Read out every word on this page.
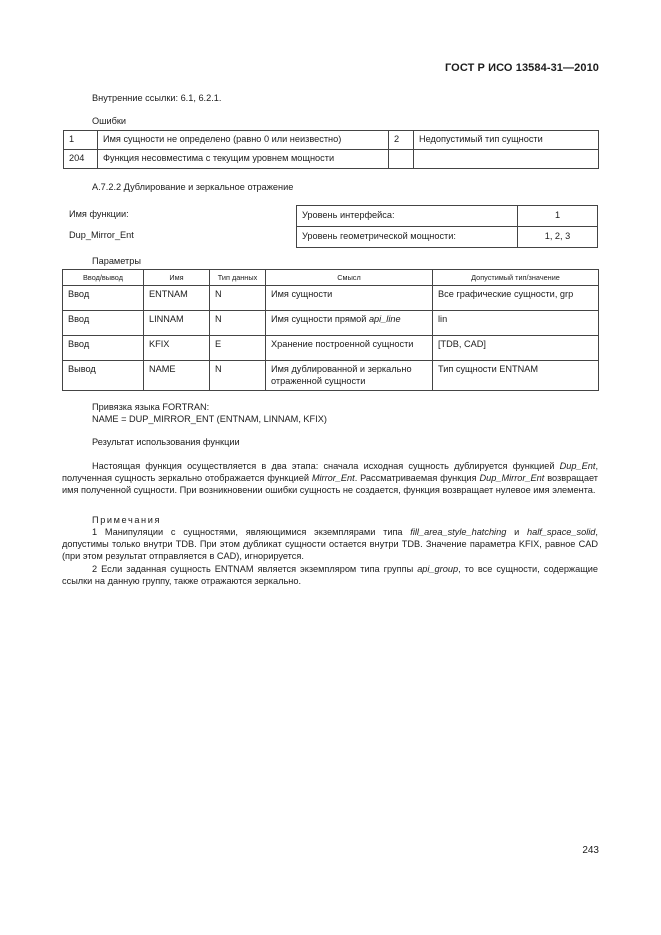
ГОСТ Р ИСО 13584-31—2010
Внутренние ссылки: 6.1, 6.2.1.
Ошибки
1	Имя сущности не определено (равно 0 или неизвестно)	2	Недопустимый тип сущности
204	Функция несовместима с текущим уровнем мощности		
А.7.2.2 Дублирование и зеркальное отражение
Имя функции:
Dup_Mirror_Ent
Уровень интерфейса:	1
Уровень геометрической мощности:	1, 2, 3
Параметры
Ввод/вывод	Имя	Тип данных	Смысл	Допустимый тип/значение
Ввод	ENTNAM	N	Имя сущности	Все графические сущности, grp
Ввод	LINNAM	N	Имя сущности прямой api_line	lin
Ввод	KFIX	E	Хранение построенной сущности	[TDB, CAD]
Вывод	NAME	N	Имя дублированной и зеркально отраженной сущности	Тип сущности ENTNAM
Привязка языка FORTRAN:
NAME = DUP_MIRROR_ENT (ENTNAM, LINNAM, KFIX)
Результат использования функции
Настоящая функция осуществляется в два этапа: сначала исходная сущность дублируется функцией Dup_Ent, полученная сущность зеркально отображается функцией Mirror_Ent. Рассматриваемая функция Dup_Mirror_Ent возвращает имя полученной сущности. При возникновении ошибки сущность не создается, функция возвращает нулевое имя элемента.
Примечания
1 Манипуляции с сущностями, являющимися экземплярами типа fill_area_style_hatching и half_space_solid, допустимы только внутри TDB. При этом дубликат сущности остается внутри TDB. Значение параметра KFIX, равное CAD (при этом результат отправляется в CAD), игнорируется.
2 Если заданная сущность ENTNAM является экземпляром типа группы api_group, то все сущности, содержащие ссылки на данную группу, также отражаются зеркально.
243
